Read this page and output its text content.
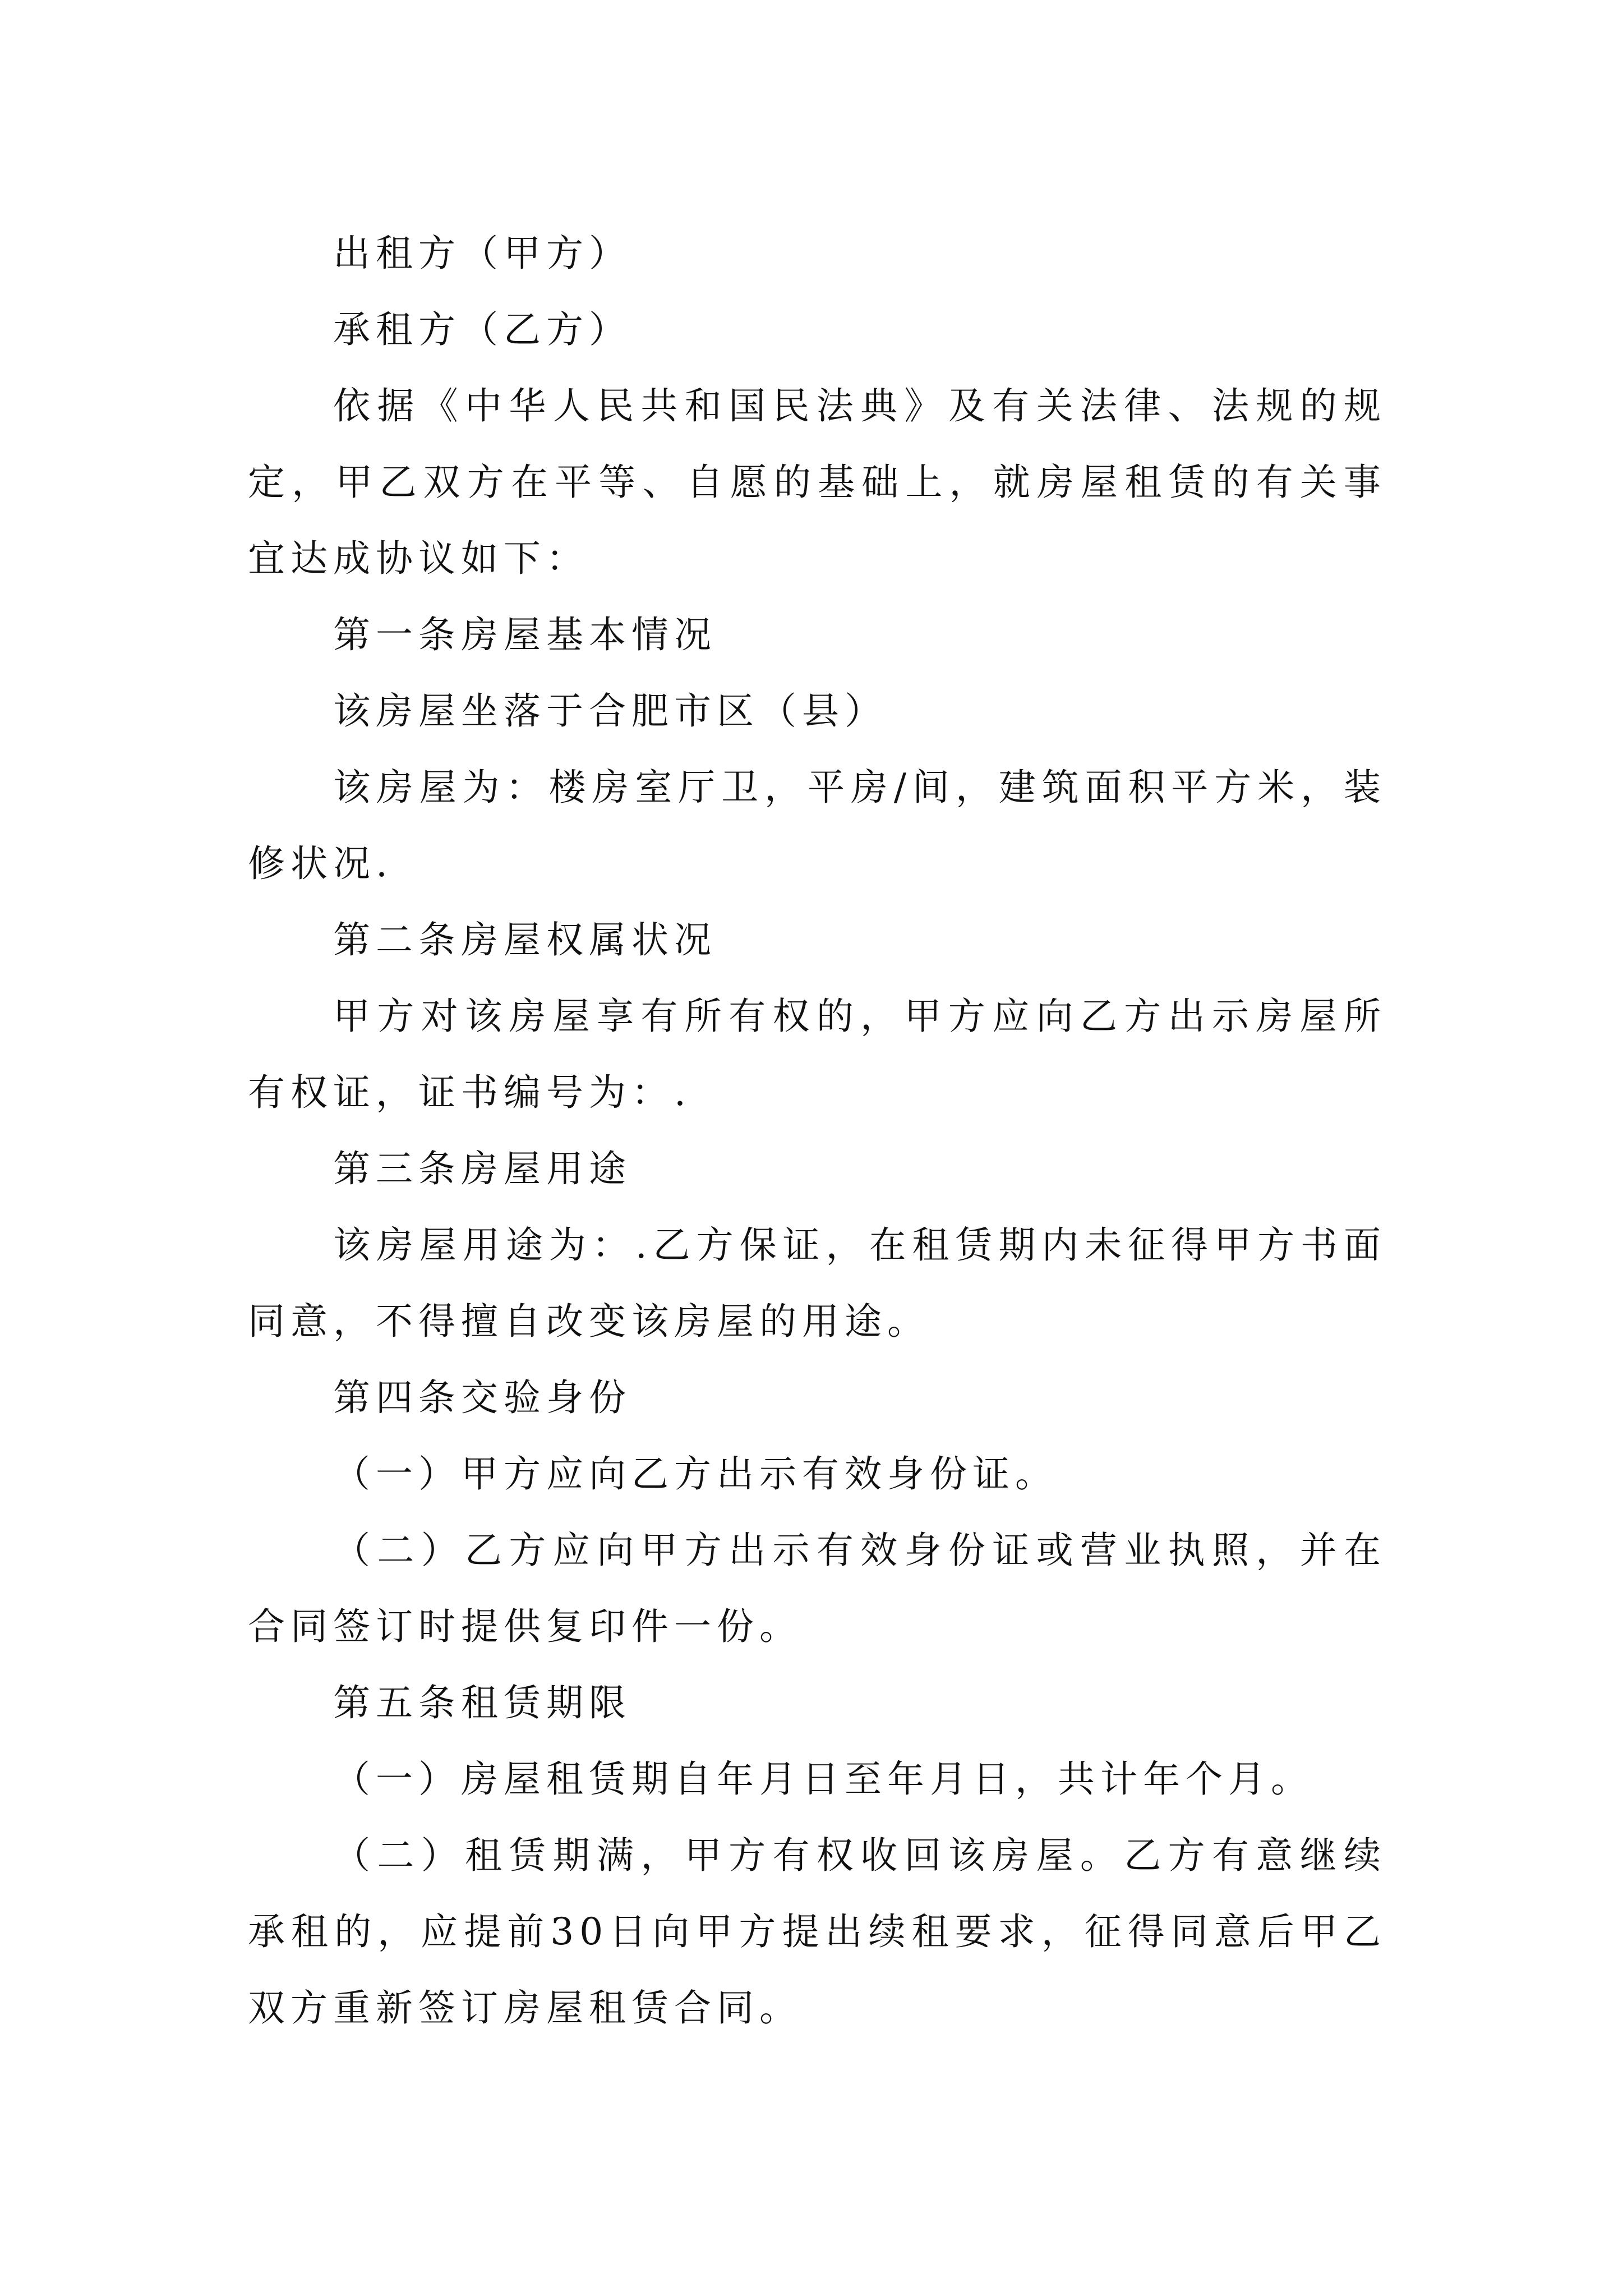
出租方（甲方）

承租方（乙方）

依据《中华人民共和国民法典》及有关法律、法规的规定，甲乙双方在平等、自愿的基础上，就房屋租赁的有关事宜达成协议如下：

第一条房屋基本情况

该房屋坐落于合肥市区（县）

该房屋为：楼房室厅卫，平房/间，建筑面积平方米，装修状况.

第二条房屋权属状况

甲方对该房屋享有所有权的，甲方应向乙方出示房屋所有权证，证书编号为：.

第三条房屋用途

该房屋用途为：.乙方保证，在租赁期内未征得甲方书面同意，不得擅自改变该房屋的用途。

第四条交验身份

（一）甲方应向乙方出示有效身份证。

（二）乙方应向甲方出示有效身份证或营业执照，并在合同签订时提供复印件一份。

第五条租赁期限

（一）房屋租赁期自年月日至年月日，共计年个月。

（二）租赁期满，甲方有权收回该房屋。乙方有意继续承租的，应提前30日向甲方提出续租要求，征得同意后甲乙双方重新签订房屋租赁合同。
